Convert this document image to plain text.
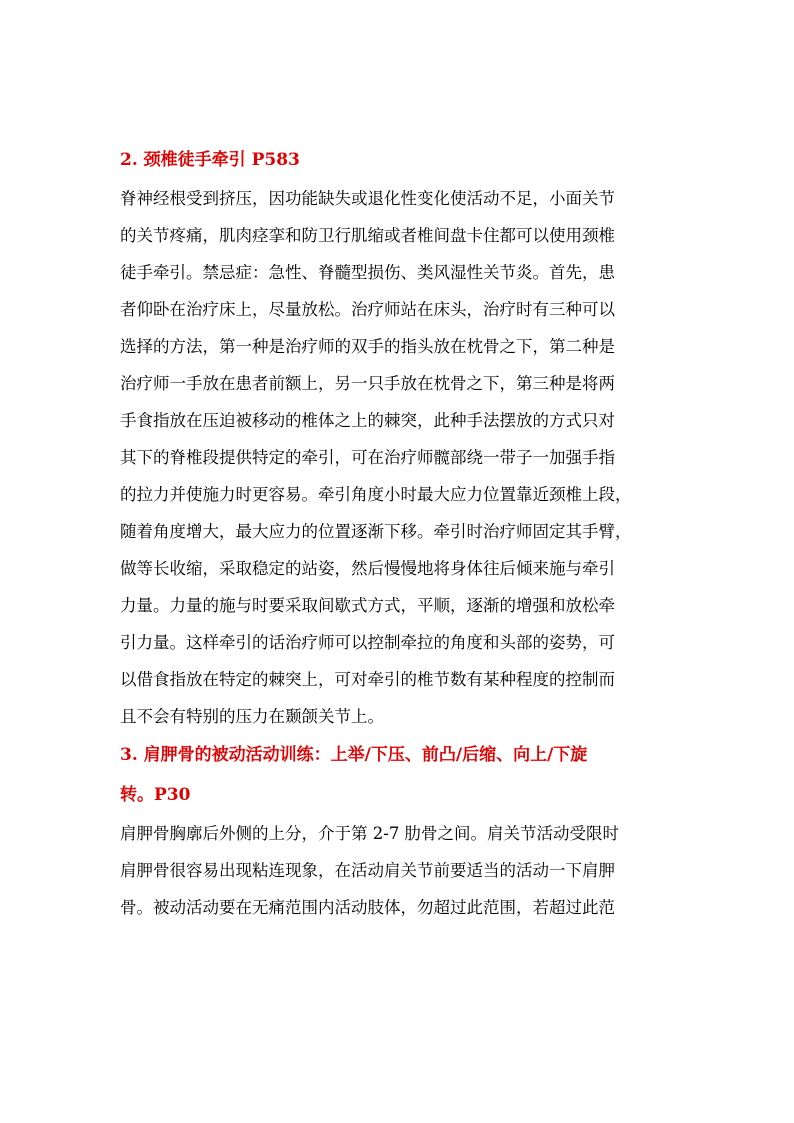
2. 颈椎徒手牵引 P583

脊神经根受到挤压，因功能缺失或退化性变化使活动不足，小面关节
的关节疼痛，肌肉痉挛和防卫行肌缩或者椎间盘卡住都可以使用颈椎
徒手牵引。禁忌症：急性、脊髓型损伤、类风湿性关节炎。首先，患
者仰卧在治疗床上，尽量放松。治疗师站在床头，治疗时有三种可以
选择的方法，第一种是治疗师的双手的指头放在枕骨之下，第二种是
治疗师一手放在患者前额上，另一只手放在枕骨之下，第三种是将两
手食指放在压迫被移动的椎体之上的棘突，此种手法摆放的方式只对
其下的脊椎段提供特定的牵引，可在治疗师髋部绕一带子一加强手指
的拉力并使施力时更容易。牵引角度小时最大应力位置靠近颈椎上段，
随着角度增大，最大应力的位置逐渐下移。牵引时治疗师固定其手臂，
做等长收缩，采取稳定的站姿，然后慢慢地将身体往后倾来施与牵引
力量。力量的施与时要采取间歇式方式，平顺，逐渐的增强和放松牵
引力量。这样牵引的话治疗师可以控制牵拉的角度和头部的姿势，可
以借食指放在特定的棘突上，可对牵引的椎节数有某种程度的控制而
且不会有特别的压力在颞颌关节上。

3. 肩胛骨的被动活动训练：上举/下压、前凸/后缩、向上/下旋
转。P30

肩胛骨胸廓后外侧的上分，介于第 2-7 肋骨之间。肩关节活动受限时
肩胛骨很容易出现粘连现象，在活动肩关节前要适当的活动一下肩胛
骨。被动活动要在无痛范围内活动肢体，勿超过此范围，若超过此范
